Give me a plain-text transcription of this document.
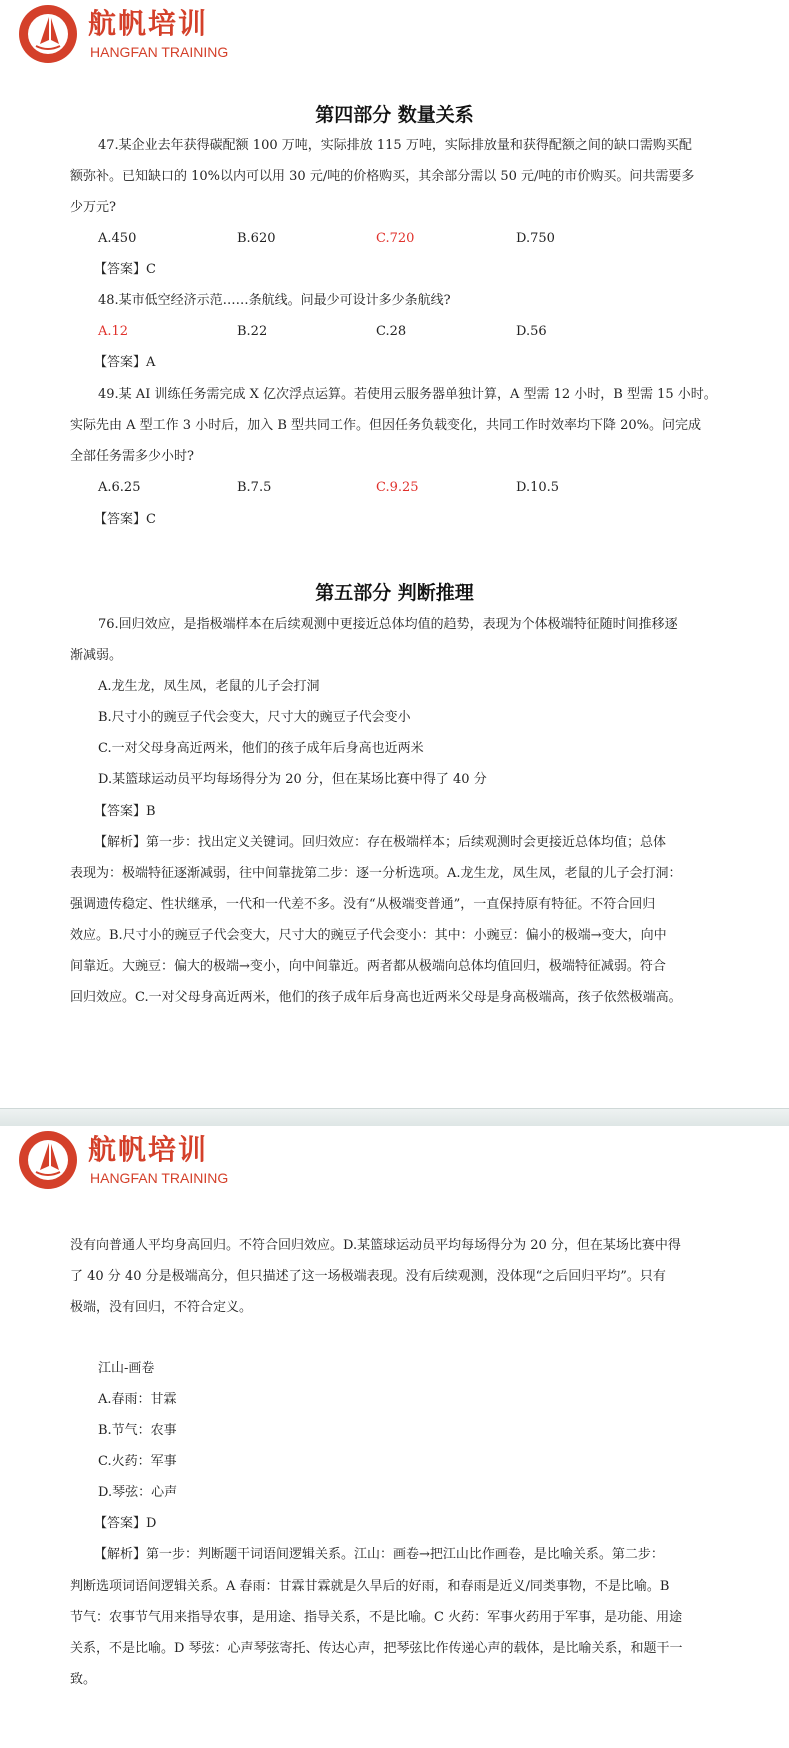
航帆培训
HANGFAN TRAINING
第四部分 数量关系
47.某企业去年获得碳配额 100 万吨，实际排放 115 万吨，实际排放量和获得配额之间的缺口需购买配
额弥补。已知缺口的 10%以内可以用 30 元/吨的价格购买，其余部分需以 50 元/吨的市价购买。问共需要多
少万元?
A.450	B.620	C.720	D.750
【答案】C
48.某市低空经济示范……条航线。问最少可设计多少条航线?
A.12	B.22	C.28	D.56
【答案】A
49.某 AI 训练任务需完成 X 亿次浮点运算。若使用云服务器单独计算，A 型需 12 小时，B 型需 15 小时。
实际先由 A 型工作 3 小时后，加入 B 型共同工作。但因任务负载变化，共同工作时效率均下降 20%。问完成
全部任务需多少小时?
A.6.25	B.7.5	C.9.25	D.10.5
【答案】C
第五部分 判断推理
76.回归效应，是指极端样本在后续观测中更接近总体均值的趋势，表现为个体极端特征随时间推移逐
渐减弱。
A.龙生龙，凤生凤，老鼠的儿子会打洞
B.尺寸小的豌豆子代会变大，尺寸大的豌豆子代会变小
C.一对父母身高近两米，他们的孩子成年后身高也近两米
D.某篮球运动员平均每场得分为 20 分，但在某场比赛中得了 40 分
【答案】B
【解析】第一步：找出定义关键词。回归效应：存在极端样本；后续观测时会更接近总体均值；总体
表现为：极端特征逐渐减弱，往中间靠拢第二步：逐一分析选项。A.龙生龙，凤生凤，老鼠的儿子会打洞：
强调遗传稳定、性状继承，一代和一代差不多。没有“从极端变普通”，一直保持原有特征。不符合回归
效应。B.尺寸小的豌豆子代会变大，尺寸大的豌豆子代会变小：其中：小豌豆：偏小的极端→变大，向中
间靠近。大豌豆：偏大的极端→变小，向中间靠近。两者都从极端向总体均值回归，极端特征减弱。符合
回归效应。C.一对父母身高近两米，他们的孩子成年后身高也近两米父母是身高极端高，孩子依然极端高。
航帆培训
HANGFAN TRAINING
没有向普通人平均身高回归。不符合回归效应。D.某篮球运动员平均每场得分为 20 分，但在某场比赛中得
了 40 分 40 分是极端高分，但只描述了这一场极端表现。没有后续观测，没体现“之后回归平均”。只有
极端，没有回归，不符合定义。
江山-画卷
A.春雨：甘霖
B.节气：农事
C.火药：军事
D.琴弦：心声
【答案】D
【解析】第一步：判断题干词语间逻辑关系。江山：画卷→把江山比作画卷，是比喻关系。第二步：
判断选项词语间逻辑关系。A 春雨：甘霖甘霖就是久旱后的好雨，和春雨是近义/同类事物，不是比喻。B
节气：农事节气用来指导农事，是用途、指导关系，不是比喻。C 火药：军事火药用于军事，是功能、用途
关系，不是比喻。D 琴弦：心声琴弦寄托、传达心声，把琴弦比作传递心声的载体，是比喻关系，和题干一
致。
